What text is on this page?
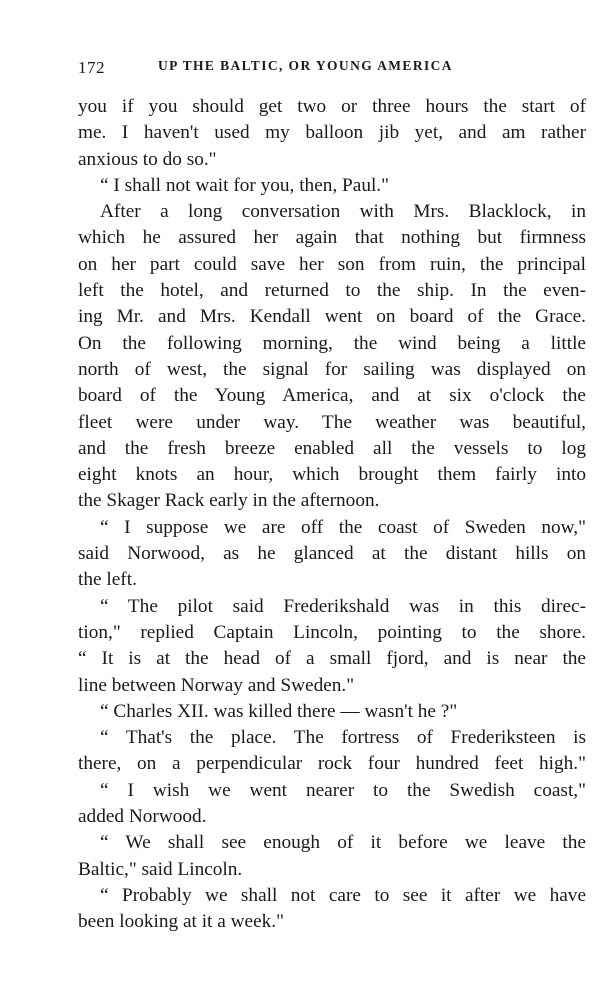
172	UP THE BALTIC, OR YOUNG AMERICA
you if you should get two or three hours the start of
me. I haven't used my balloon jib yet, and am rather
anxious to do so."
“ I shall not wait for you, then, Paul."
After a long conversation with Mrs. Blacklock, in
which he assured her again that nothing but firmness
on her part could save her son from ruin, the principal
left the hotel, and returned to the ship. In the even-
ing Mr. and Mrs. Kendall went on board of the Grace.
On the following morning, the wind being a little
north of west, the signal for sailing was displayed on
board of the Young America, and at six o'clock the
fleet were under way. The weather was beautiful,
and the fresh breeze enabled all the vessels to log
eight knots an hour, which brought them fairly into
the Skager Rack early in the afternoon.
“ I suppose we are off the coast of Sweden now,"
said Norwood, as he glanced at the distant hills on
the left.
“ The pilot said Frederikshald was in this direc-
tion," replied Captain Lincoln, pointing to the shore.
“ It is at the head of a small fjord, and is near the
line between Norway and Sweden."
“ Charles XII. was killed there — wasn't he ?"
“ That's the place. The fortress of Frederiksteen is
there, on a perpendicular rock four hundred feet high."
“ I wish we went nearer to the Swedish coast,"
added Norwood.
“ We shall see enough of it before we leave the
Baltic," said Lincoln.
“ Probably we shall not care to see it after we have
been looking at it a week."
